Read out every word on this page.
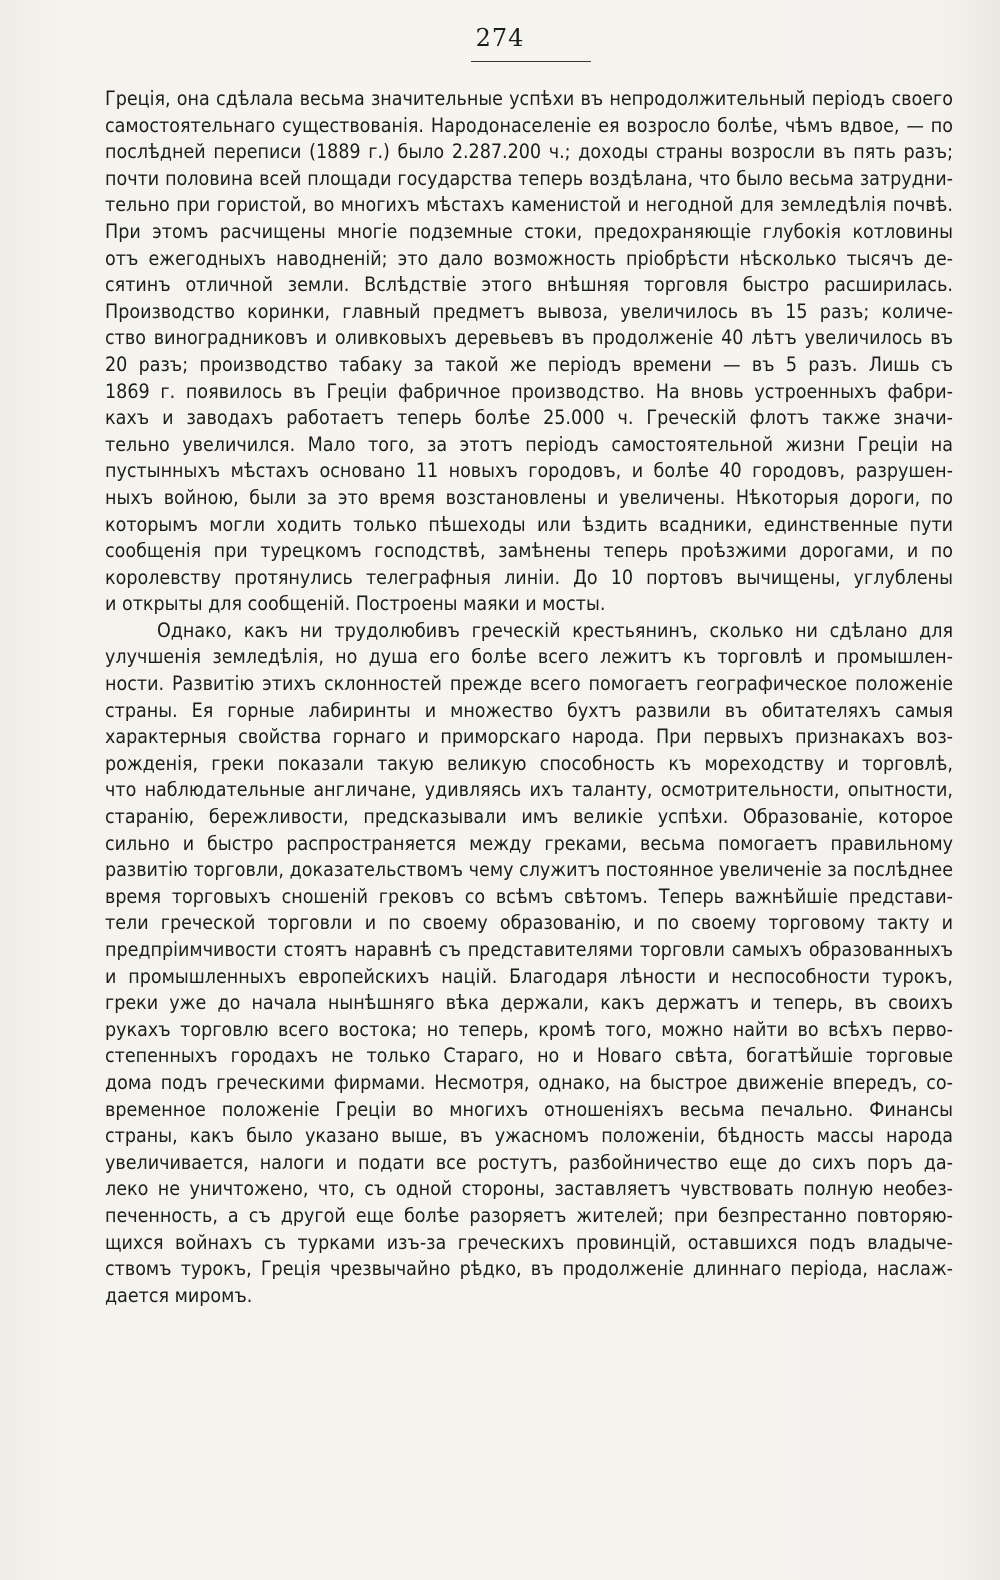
274
Греція, она сдѣлала весьма значительные успѣхи въ непродолжительный періодъ своего
самостоятельнаго существованія. Народонаселеніе ея возросло болѣе, чѣмъ вдвое, — по
послѣдней переписи (1889 г.) было 2.287.200 ч.; доходы страны возросли въ пять разъ;
почти половина всей площади государства теперь воздѣлана, что было весьма затрудни-
тельно при гористой, во многихъ мѣстахъ каменистой и негодной для земледѣлія почвѣ.
При этомъ расчищены многіе подземные стоки, предохраняющіе глубокія котловины
отъ ежегодныхъ наводненій; это дало возможность пріобрѣсти нѣсколько тысячъ де-
сятинъ отличной земли. Вслѣдствіе этого внѣшняя торговля быстро расширилась.
Производство коринки, главный предметъ вывоза, увеличилось въ 15 разъ; количе-
ство виноградниковъ и оливковыхъ деревьевъ въ продолженіе 40 лѣтъ увеличилось въ
20 разъ; производство табаку за такой же періодъ времени — въ 5 разъ. Лишь съ
1869 г. появилось въ Греціи фабричное производство. На вновь устроенныхъ фабри-
кахъ и заводахъ работаетъ теперь болѣе 25.000 ч. Греческій флотъ также значи-
тельно увеличился. Мало того, за этотъ періодъ самостоятельной жизни Греціи на
пустынныхъ мѣстахъ основано 11 новыхъ городовъ, и болѣе 40 городовъ, разрушен-
ныхъ войною, были за это время возстановлены и увеличены. Нѣкоторыя дороги, по
которымъ могли ходить только пѣшеходы или ѣздить всадники, единственные пути
сообщенія при турецкомъ господствѣ, замѣнены теперь проѣзжими дорогами, и по
королевству протянулись телеграфныя линіи. До 10 портовъ вычищены, углублены
и открыты для сообщеній. Построены маяки и мосты.
Однако, какъ ни трудолюбивъ греческій крестьянинъ, сколько ни сдѣлано для
улучшенія земледѣлія, но душа его болѣе всего лежитъ къ торговлѣ и промышлен-
ности. Развитію этихъ склонностей прежде всего помогаетъ географическое положеніе
страны. Ея горные лабиринты и множество бухтъ развили въ обитателяхъ самыя
характерныя свойства горнаго и приморскаго народа. При первыхъ признакахъ воз-
рожденія, греки показали такую великую способность къ мореходству и торговлѣ,
что наблюдательные англичане, удивляясь ихъ таланту, осмотрительности, опытности,
старанію, бережливости, предсказывали имъ великіе успѣхи. Образованіе, которое
сильно и быстро распространяется между греками, весьма помогаетъ правильному
развитію торговли, доказательствомъ чему служитъ постоянное увеличеніе за послѣднее
время торговыхъ сношеній грековъ со всѣмъ свѣтомъ. Теперь важнѣйшіе представи-
тели греческой торговли и по своему образованію, и по своему торговому такту и
предпріимчивости стоятъ наравнѣ съ представителями торговли самыхъ образованныхъ
и промышленныхъ европейскихъ націй. Благодаря лѣности и неспособности турокъ,
греки уже до начала нынѣшняго вѣка держали, какъ держатъ и теперь, въ своихъ
рукахъ торговлю всего востока; но теперь, кромѣ того, можно найти во всѣхъ перво-
степенныхъ городахъ не только Стараго, но и Новаго свѣта, богатѣйшіе торговые
дома подъ греческими фирмами. Несмотря, однако, на быстрое движеніе впередъ, со-
временное положеніе Греціи во многихъ отношеніяхъ весьма печально. Финансы
страны, какъ было указано выше, въ ужасномъ положеніи, бѣдность массы народа
увеличивается, налоги и подати все ростутъ, разбойничество еще до сихъ поръ да-
леко не уничтожено, что, съ одной стороны, заставляетъ чувствовать полную необез-
печенность, а съ другой еще болѣе разоряетъ жителей; при безпрестанно повторяю-
щихся войнахъ съ турками изъ-за греческихъ провинцій, оставшихся подъ владыче-
ствомъ турокъ, Греція чрезвычайно рѣдко, въ продолженіе длиннаго періода, наслаж-
дается миромъ.
